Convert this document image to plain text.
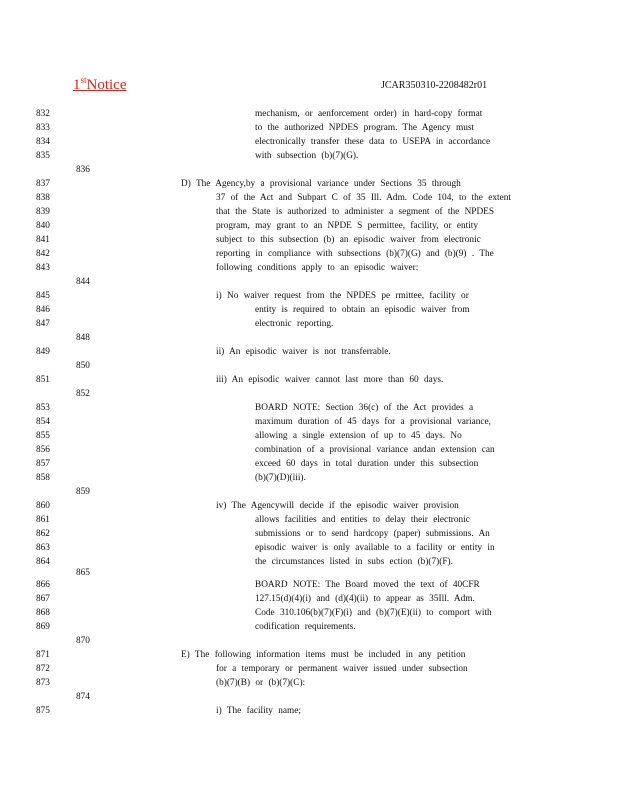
1stNotice	JCAR350310-2208482r01
832	mechanism, or aenforcement order) in hard-copy format
833	to the authorized NPDES program. The Agency must
834	electronically transfer these data to USEPA in accordance
835	with subsection (b)(7)(G).
836
837	D) The Agency,by a provisional variance under Sections 35 through
838	37 of the Act and Subpart C of 35 Ill. Adm. Code 104, to the extent
839	that the State is authorized to administer a segment of the NPDES
840	program, may grant to an NPDE S permittee, facility, or entity
841	subject to this subsection (b) an episodic waiver from electronic
842	reporting in compliance with subsections (b)(7)(G) and (b)(9) . The
843	following conditions apply to an episodic waiver:
844
845	i) No waiver request from the NPDES pe rmittee, facility or
846	entity is required to obtain an episodic waiver from
847	electronic reporting.
848
849	ii) An episodic waiver is not transferrable.
850
851	iii) An episodic waiver cannot last more than 60 days.
852
853	BOARD NOTE: Section 36(c) of the Act provides a
854	maximum duration of 45 days for a provisional variance,
855	allowing a single extension of up to 45 days. No
856	combination of a provisional variance andan extension can
857	exceed 60 days in total duration under this subsection
858	(b)(7)(D)(iii).
859
860	iv) The Agencywill decide if the episodic waiver provision
861	allows facilities and entities to delay their electronic
862	submissions or to send hardcopy (paper) submissions. An
863	episodic waiver is only available to a facility or entity in
864	the circumstances listed in subs ection (b)(7)(F).
865
866	BOARD NOTE: The Board moved the text of 40CFR
867	127.15(d)(4)(i) and (d)(4)(ii) to appear as 35Ill. Adm.
868	Code 310.106(b)(7)(F)(i) and (b)(7)(E)(ii) to comport with
869	codification requirements.
870
871	E) The following information items must be included in any petition
872	for a temporary or permanent waiver issued under subsection
873	(b)(7)(B) or (b)(7)(C):
874
875	i) The facility name;
